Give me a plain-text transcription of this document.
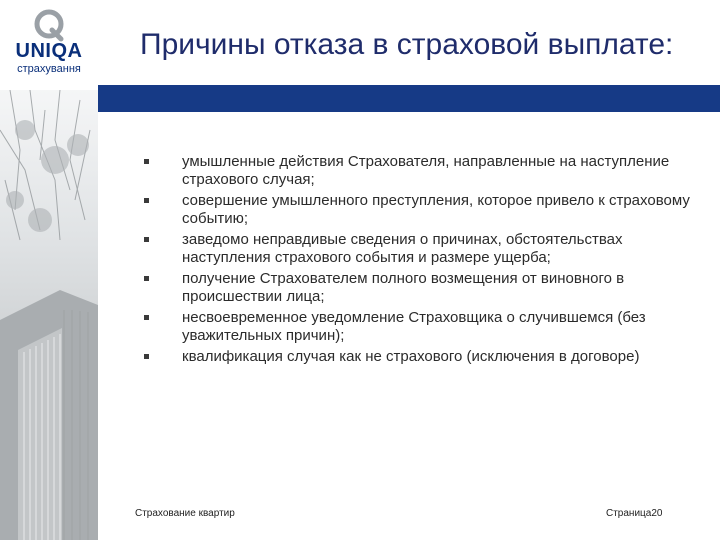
UNIQA
страхування
Причины отказа в страховой выплате:
умышленные действия Страхователя, направленные на наступление страхового случая;
совершение умышленного преступления, которое привело к страховому событию;
заведомо неправдивые сведения о причинах, обстоятельствах наступления страхового события и размере ущерба;
получение Страхователем полного возмещения от виновного в происшествии лица;
несвоевременное уведомление Страховщика о случившемся (без уважительных причин);
квалификация случая как не страхового (исключения в договоре)
Страхование квартир	Страница20
